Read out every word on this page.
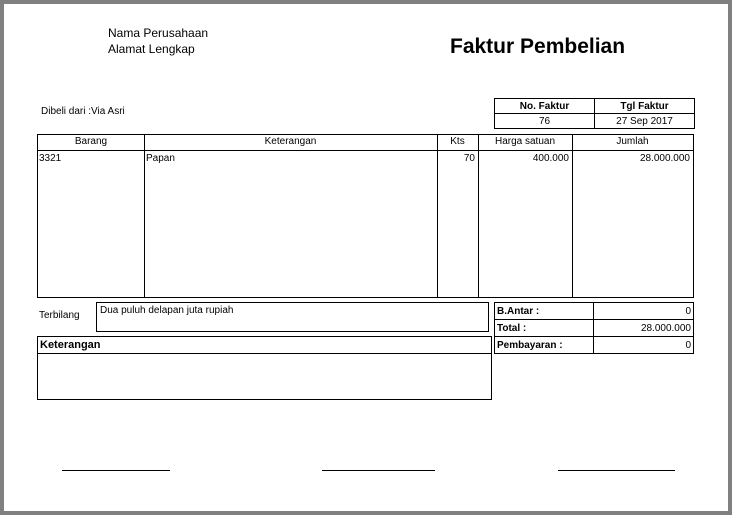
Nama Perusahaan
Alamat Lengkap	Faktur Pembelian
Dibeli dari :Via Asri	No. Faktur	Tgl Faktur
76	27 Sep 2017
Barang	Keterangan	Kts	Harga satuan	Jumlah
3321	Papan	70	400.000	28.000.000
Terbilang Dua puluh delapan juta rupiah
Keterangan
B.Antar :	0
Total :	28.000.000
Pembayaran :	0
